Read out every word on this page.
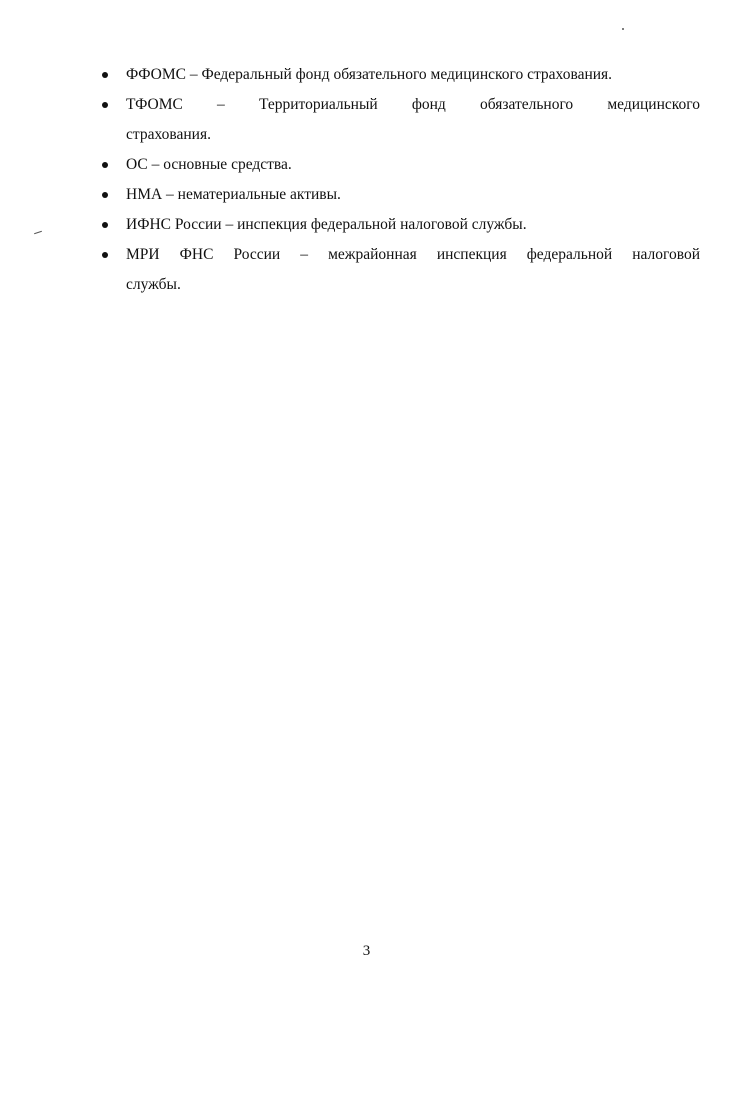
ФФОМС – Федеральный фонд обязательного медицинского страхования.
ТФОМС – Территориальный фонд обязательного медицинского
страхования.
ОС – основные средства.
НМА – нематериальные активы.
ИФНС России – инспекция федеральной налоговой службы.
МРИ ФНС России – межрайонная инспекция федеральной налоговой
службы.
3
